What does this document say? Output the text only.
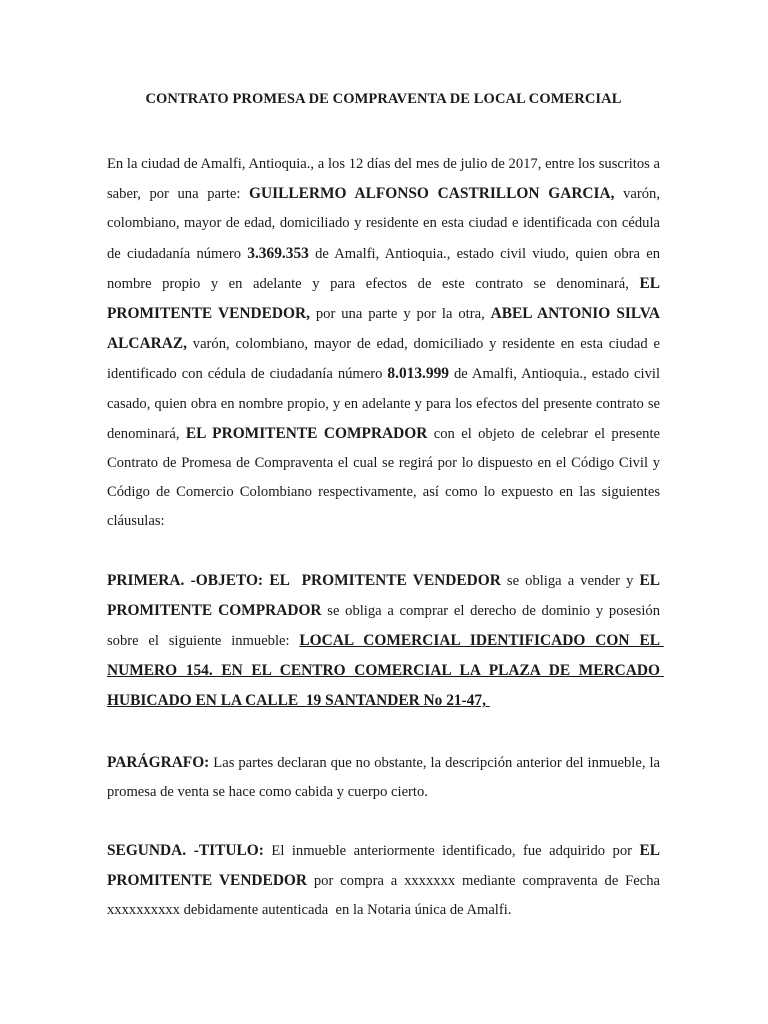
CONTRATO PROMESA DE COMPRAVENTA DE LOCAL COMERCIAL

En la ciudad de Amalfi, Antioquia., a los 12 días del mes de julio de 2017, entre los suscritos a saber, por una parte: GUILLERMO ALFONSO CASTRILLON GARCIA, varón, colombiano, mayor de edad, domiciliado y residente en esta ciudad e identificada con cédula de ciudadanía número 3.369.353 de Amalfi, Antioquia., estado civil viudo, quien obra en nombre propio y en adelante y para efectos de este contrato se denominará, EL PROMITENTE VENDEDOR, por una parte y por la otra, ABEL ANTONIO SILVA ALCARAZ, varón, colombiano, mayor de edad, domiciliado y residente en esta ciudad e identificado con cédula de ciudadanía número 8.013.999 de Amalfi, Antioquia., estado civil casado, quien obra en nombre propio, y en adelante y para los efectos del presente contrato se denominará, EL PROMITENTE COMPRADOR con el objeto de celebrar el presente Contrato de Promesa de Compraventa el cual se regirá por lo dispuesto en el Código Civil y Código de Comercio Colombiano respectivamente, así como lo expuesto en las siguientes cláusulas:

PRIMERA. -OBJETO: EL  PROMITENTE VENDEDOR se obliga a vender y EL PROMITENTE COMPRADOR se obliga a comprar el derecho de dominio y posesión sobre el siguiente inmueble: LOCAL COMERCIAL IDENTIFICADO CON EL NUMERO 154. EN EL CENTRO COMERCIAL LA PLAZA DE MERCADO HUBICADO EN LA CALLE  19 SANTANDER No 21-47,

PARÁGRAFO: Las partes declaran que no obstante, la descripción anterior del inmueble, la promesa de venta se hace como cabida y cuerpo cierto.

SEGUNDA. -TITULO: El inmueble anteriormente identificado, fue adquirido por EL PROMITENTE VENDEDOR por compra a xxxxxxx mediante compraventa de Fecha xxxxxxxxxx debidamente autenticada  en la Notaria única de Amalfi.
